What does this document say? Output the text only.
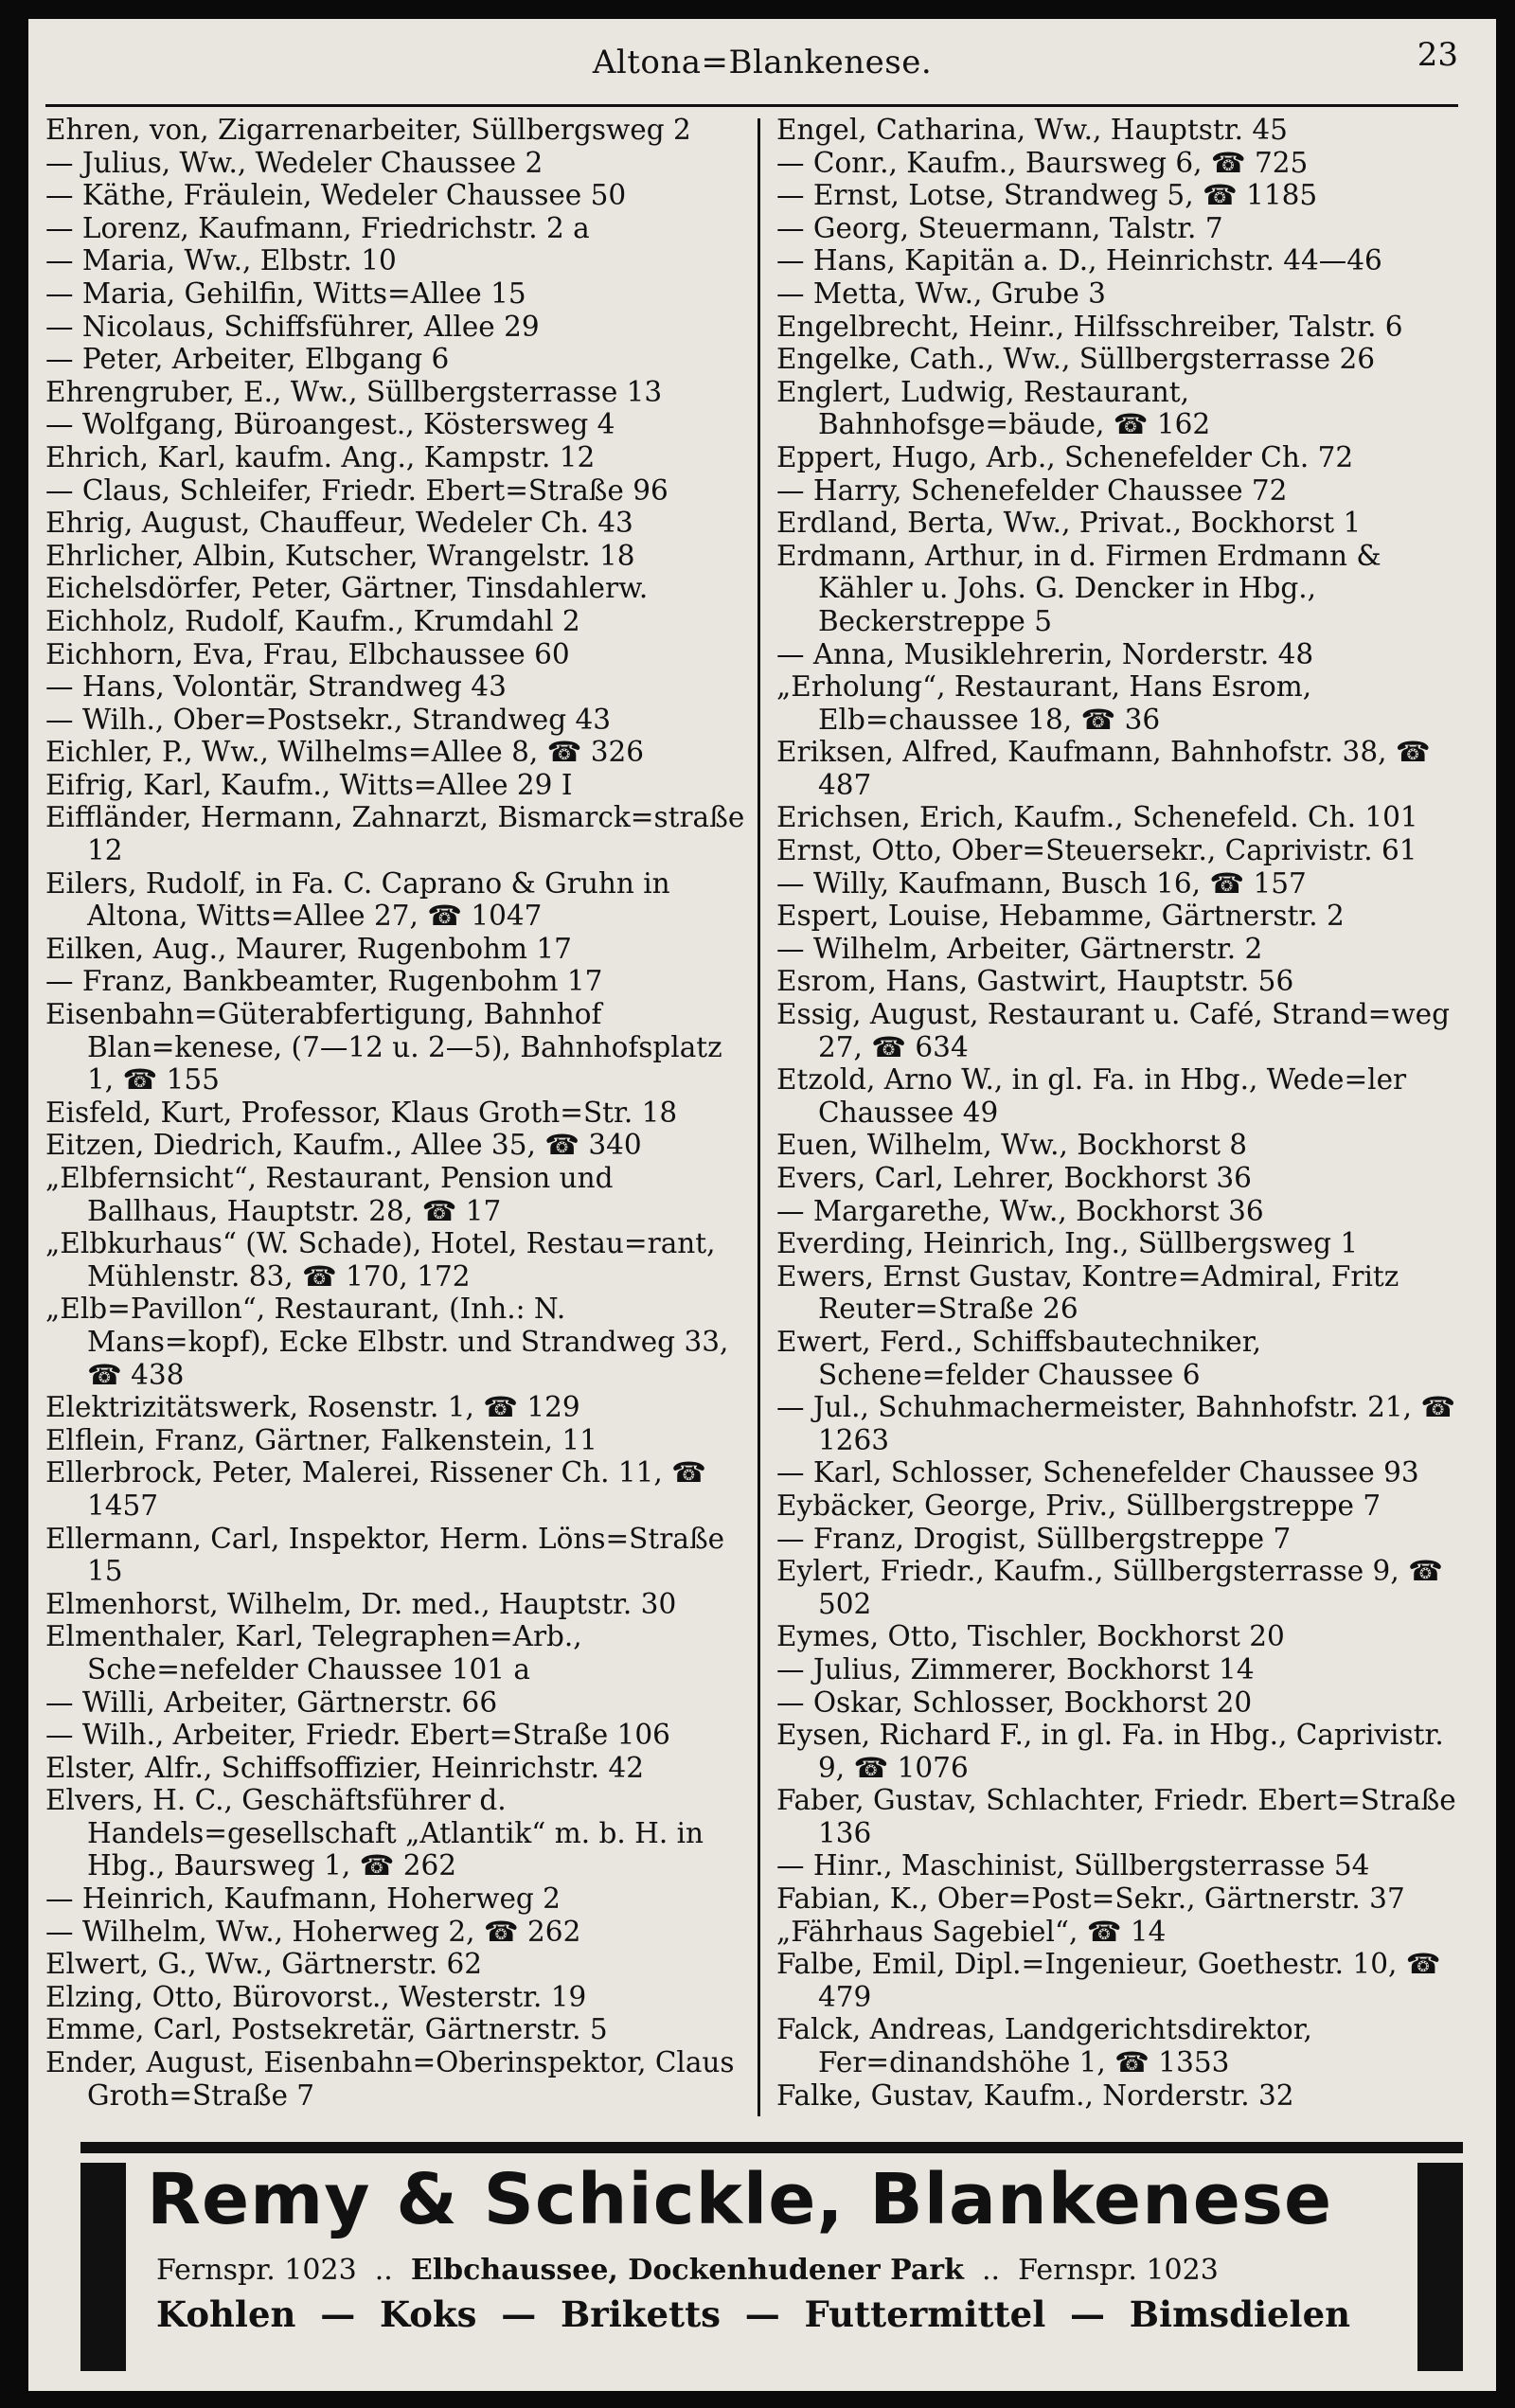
Altona=Blankenese.	23

Ehren, von, Zigarrenarbeiter, Süllbergsweg 2

— Julius, Ww., Wedeler Chaussee 2

— Käthe, Fräulein, Wedeler Chaussee 50

— Lorenz, Kaufmann, Friedrichstr. 2 a

— Maria, Ww., Elbstr. 10

— Maria, Gehilfin, Witts=Allee 15

— Nicolaus, Schiffsführer, Allee 29

— Peter, Arbeiter, Elbgang 6

Ehrengruber, E., Ww., Süllbergsterrasse 13

— Wolfgang, Büroangest., Köstersweg 4

Ehrich, Karl, kaufm. Ang., Kampstr. 12

— Claus, Schleifer, Friedr. Ebert=Straße 96

Ehrig, August, Chauffeur, Wedeler Ch. 43

Ehrlicher, Albin, Kutscher, Wrangelstr. 18

Eichelsdörfer, Peter, Gärtner, Tinsdahlerw.

Eichholz, Rudolf, Kaufm., Krumdahl 2

Eichhorn, Eva, Frau, Elbchaussee 60

— Hans, Volontär, Strandweg 43

— Wilh., Ober=Postsekr., Strandweg 43

Eichler, P., Ww., Wilhelms=Allee 8, ☎ 326

Eifrig, Karl, Kaufm., Witts=Allee 29 I

Eiffländer, Hermann, Zahnarzt, Bismarck=straße 12

Eilers, Rudolf, in Fa. C. Caprano & Gruhn in Altona, Witts=Allee 27, ☎ 1047

Eilken, Aug., Maurer, Rugenbohm 17

— Franz, Bankbeamter, Rugenbohm 17

Eisenbahn=Güterabfertigung, Bahnhof Blan=kenese, (7—12 u. 2—5), Bahnhofsplatz 1, ☎ 155

Eisfeld, Kurt, Professor, Klaus Groth=Str. 18

Eitzen, Diedrich, Kaufm., Allee 35, ☎ 340

„Elbfernsicht“, Restaurant, Pension und Ballhaus, Hauptstr. 28, ☎ 17

„Elbkurhaus“ (W. Schade), Hotel, Restau=rant, Mühlenstr. 83, ☎ 170, 172

„Elb=Pavillon“, Restaurant, (Inh.: N. Mans=kopf), Ecke Elbstr. und Strandweg 33, ☎ 438

Elektrizitätswerk, Rosenstr. 1, ☎ 129

Elflein, Franz, Gärtner, Falkenstein, 11

Ellerbrock, Peter, Malerei, Rissener Ch. 11, ☎ 1457

Ellermann, Carl, Inspektor, Herm. Löns=Straße 15

Elmenhorst, Wilhelm, Dr. med., Hauptstr. 30

Elmenthaler, Karl, Telegraphen=Arb., Sche=nefelder Chaussee 101 a

— Willi, Arbeiter, Gärtnerstr. 66

— Wilh., Arbeiter, Friedr. Ebert=Straße 106

Elster, Alfr., Schiffsoffizier, Heinrichstr. 42

Elvers, H. C., Geschäftsführer d. Handels=gesellschaft „Atlantik“ m. b. H. in Hbg., Baursweg 1, ☎ 262

— Heinrich, Kaufmann, Hoherweg 2

— Wilhelm, Ww., Hoherweg 2, ☎ 262

Elwert, G., Ww., Gärtnerstr. 62

Elzing, Otto, Bürovorst., Westerstr. 19

Emme, Carl, Postsekretär, Gärtnerstr. 5

Ender, August, Eisenbahn=Oberinspektor, Claus Groth=Straße 7

Engel, Catharina, Ww., Hauptstr. 45

— Conr., Kaufm., Baursweg 6, ☎ 725

— Ernst, Lotse, Strandweg 5, ☎ 1185

— Georg, Steuermann, Talstr. 7

— Hans, Kapitän a. D., Heinrichstr. 44—46

— Metta, Ww., Grube 3

Engelbrecht, Heinr., Hilfsschreiber, Talstr. 6

Engelke, Cath., Ww., Süllbergsterrasse 26

Englert, Ludwig, Restaurant, Bahnhofsge=bäude, ☎ 162

Eppert, Hugo, Arb., Schenefelder Ch. 72

— Harry, Schenefelder Chaussee 72

Erdland, Berta, Ww., Privat., Bockhorst 1

Erdmann, Arthur, in d. Firmen Erdmann & Kähler u. Johs. G. Dencker in Hbg., Beckerstreppe 5

— Anna, Musiklehrerin, Norderstr. 48

„Erholung“, Restaurant, Hans Esrom, Elb=chaussee 18, ☎ 36

Eriksen, Alfred, Kaufmann, Bahnhofstr. 38, ☎ 487

Erichsen, Erich, Kaufm., Schenefeld. Ch. 101

Ernst, Otto, Ober=Steuersekr., Caprivistr. 61

— Willy, Kaufmann, Busch 16, ☎ 157

Espert, Louise, Hebamme, Gärtnerstr. 2

— Wilhelm, Arbeiter, Gärtnerstr. 2

Esrom, Hans, Gastwirt, Hauptstr. 56

Essig, August, Restaurant u. Café, Strand=weg 27, ☎ 634

Etzold, Arno W., in gl. Fa. in Hbg., Wede=ler Chaussee 49

Euen, Wilhelm, Ww., Bockhorst 8

Evers, Carl, Lehrer, Bockhorst 36

— Margarethe, Ww., Bockhorst 36

Everding, Heinrich, Ing., Süllbergsweg 1

Ewers, Ernst Gustav, Kontre=Admiral, Fritz Reuter=Straße 26

Ewert, Ferd., Schiffsbautechniker, Schene=felder Chaussee 6

— Jul., Schuhmachermeister, Bahnhofstr. 21, ☎ 1263

— Karl, Schlosser, Schenefelder Chaussee 93

Eybäcker, George, Priv., Süllbergstreppe 7

— Franz, Drogist, Süllbergstreppe 7

Eylert, Friedr., Kaufm., Süllbergsterrasse 9, ☎ 502

Eymes, Otto, Tischler, Bockhorst 20

— Julius, Zimmerer, Bockhorst 14

— Oskar, Schlosser, Bockhorst 20

Eysen, Richard F., in gl. Fa. in Hbg., Caprivistr. 9, ☎ 1076

Faber, Gustav, Schlachter, Friedr. Ebert=Straße 136

— Hinr., Maschinist, Süllbergsterrasse 54

Fabian, K., Ober=Post=Sekr., Gärtnerstr. 37

„Fährhaus Sagebiel“, ☎ 14

Falbe, Emil, Dipl.=Ingenieur, Goethestr. 10, ☎ 479

Falck, Andreas, Landgerichtsdirektor, Fer=dinandshöhe 1, ☎ 1353

Falke, Gustav, Kaufm., Norderstr. 32

Remy & Schickle, Blankenese
Fernspr. 1023 .. Elbchaussee, Dockenhudener Park .. Fernspr. 1023
Kohlen — Koks — Briketts — Futtermittel — Bimsdielen
